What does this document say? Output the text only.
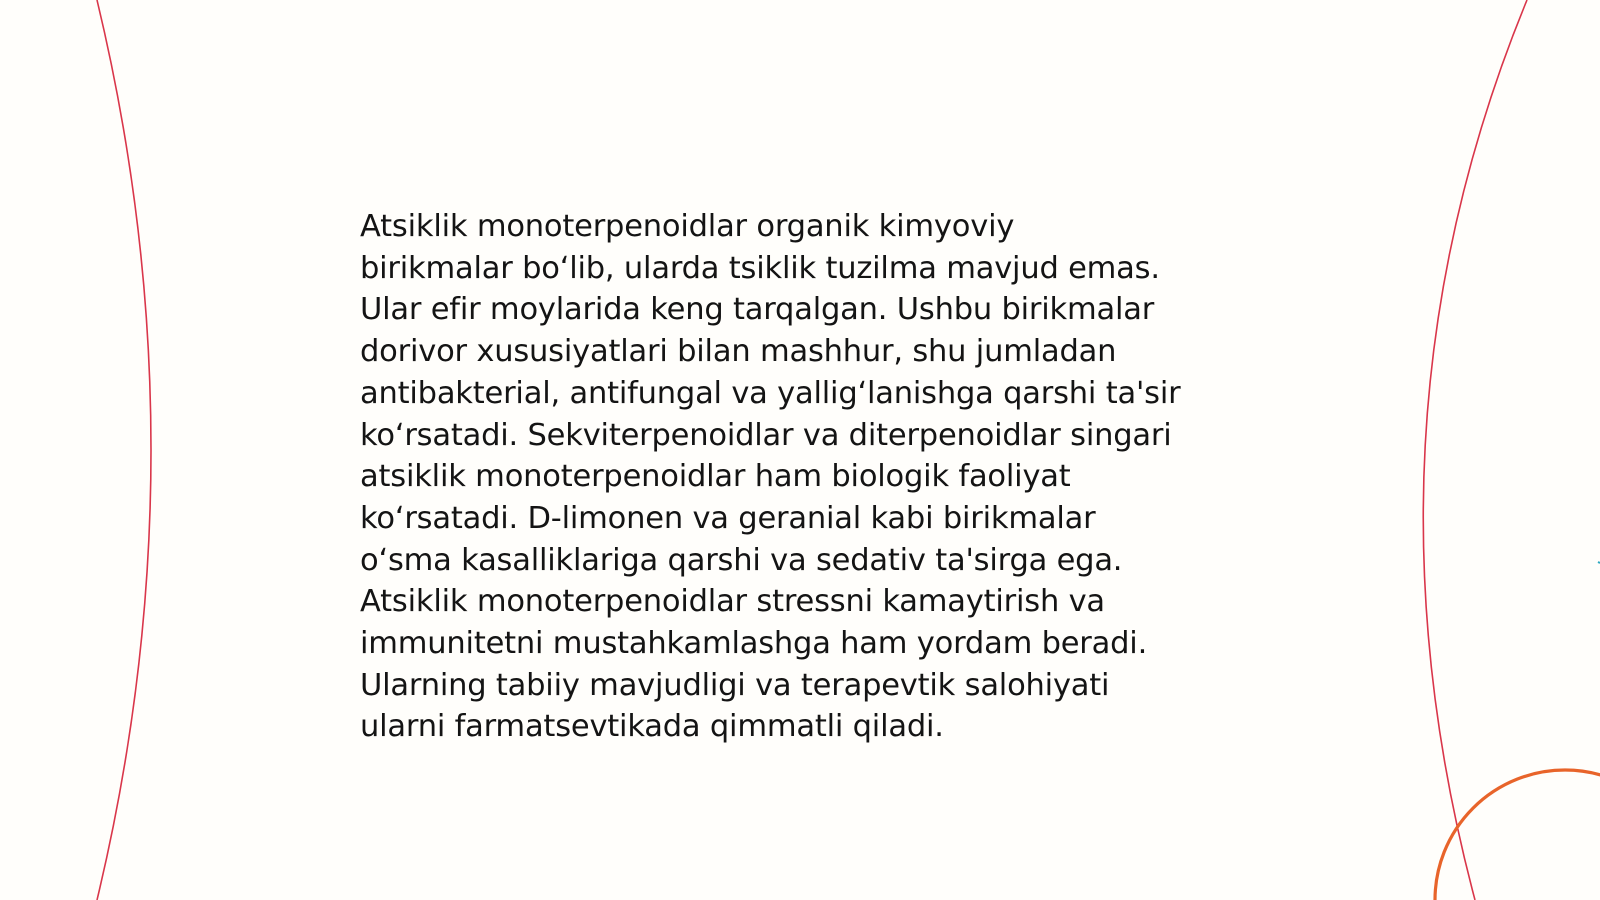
Atsiklik monoterpenoidlar organik kimyoviy
birikmalar bo‘lib, ularda tsiklik tuzilma mavjud emas.
Ular efir moylarida keng tarqalgan. Ushbu birikmalar
dorivor xususiyatlari bilan mashhur, shu jumladan
antibakterial, antifungal va yallig‘lanishga qarshi ta'sir
ko‘rsatadi. Sekviterpenoidlar va diterpenoidlar singari
atsiklik monoterpenoidlar ham biologik faoliyat
ko‘rsatadi. D-limonen va geranial kabi birikmalar
o‘sma kasalliklariga qarshi va sedativ ta'sirga ega.
Atsiklik monoterpenoidlar stressni kamaytirish va
immunitetni mustahkamlashga ham yordam beradi.
Ularning tabiiy mavjudligi va terapevtik salohiyati
ularni farmatsevtikada qimmatli qiladi.
